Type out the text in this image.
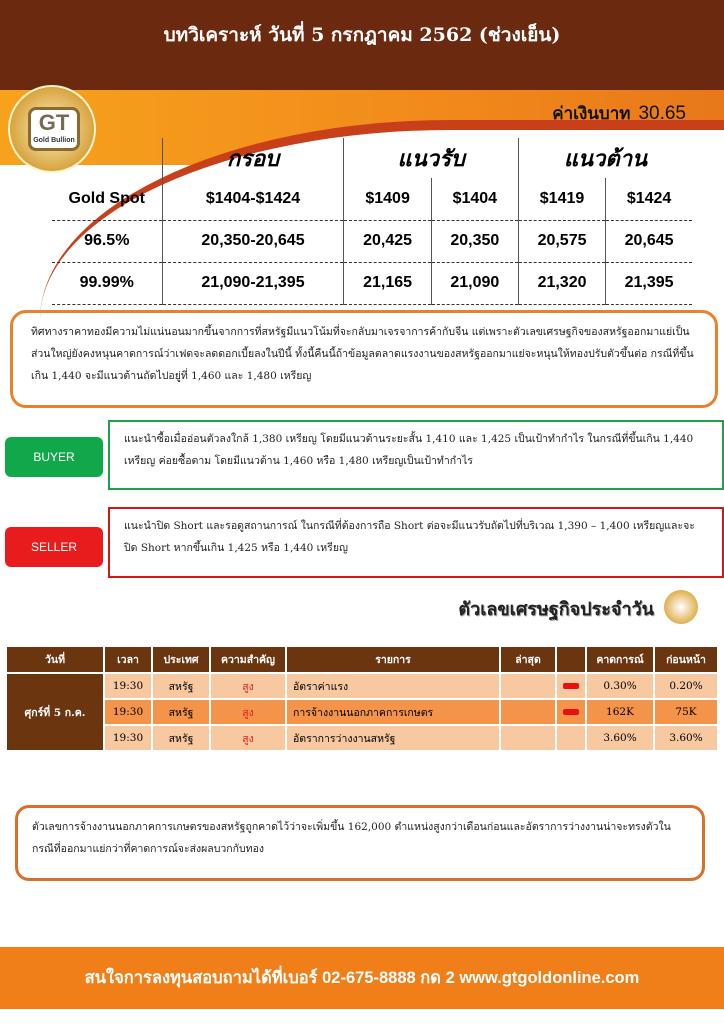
บทวิเคราะห์ วันที่ 5 กรกฎาคม 2562 (ช่วงเย็น)
GT
Gold Bullion
ค่าเงินบาท 30.65
	กรอบ	แนวรับ		แนวต้าน	
Gold Spot	$1404-$1424	$1409	$1404	$1419	$1424
96.5%	20,350-20,645	20,425	20,350	20,575	20,645
99.99%	21,090-21,395	21,165	21,090	21,320	21,395
ทิศทางราคาทองมีความไม่แน่นอนมากขึ้นจากการที่สหรัฐมีแนวโน้มที่จะกลับมาเจรจาการค้ากับจีน แต่เพราะตัวเลขเศรษฐกิจของสหรัฐออกมาแย่เป็นส่วนใหญ่ยังคงหนุนคาดการณ์ว่าเฟดจะลดดอกเบี้ยลงในปีนี้ ทั้งนี้คืนนี้ถ้าข้อมูลตลาดแรงงานของสหรัฐออกมาแย่จะหนุนให้ทองปรับตัวขึ้นต่อ กรณีที่ขึ้นเกิน 1,440 จะมีแนวต้านถัดไปอยู่ที่ 1,460 และ 1,480 เหรียญ
BUYER
แนะนำซื้อเมื่ออ่อนตัวลงใกล้ 1,380 เหรียญ โดยมีแนวต้านระยะสั้น 1,410 และ 1,425 เป็นเป้าทำกำไร ในกรณีที่ขึ้นเกิน 1,440 เหรียญ ค่อยซื้อตาม โดยมีแนวต้าน 1,460 หรือ 1,480 เหรียญเป็นเป้าทำกำไร
SELLER
แนะนำปิด Short และรอดูสถานการณ์ ในกรณีที่ต้องการถือ Short ต่อจะมีแนวรับถัดไปที่บริเวณ 1,390 – 1,400 เหรียญและจะปิด Short หากขึ้นเกิน 1,425 หรือ 1,440 เหรียญ
ตัวเลขเศรษฐกิจประจำวัน
วันที่	เวลา	ประเทศ	ความสำคัญ	รายการ	ล่าสุด		คาดการณ์	ก่อนหน้า
ศุกร์ที่ 5 ก.ค.	19:30	สหรัฐ	สูง	อัตราค่าแรง			0.30%	0.20%
	19:30	สหรัฐ	สูง	การจ้างงานนอกภาคการเกษตร			162K	75K
	19:30	สหรัฐ	สูง	อัตราการว่างงานสหรัฐ			3.60%	3.60%
ตัวเลขการจ้างงานนอกภาคการเกษตรของสหรัฐถูกคาดไว้ว่าจะเพิ่มขึ้น 162,000 ตำแหน่งสูงกว่าเดือนก่อนและอัตราการว่างงานน่าจะทรงตัวในกรณีที่ออกมาแย่กว่าที่คาดการณ์จะส่งผลบวกกับทอง
สนใจการลงทุนสอบถามได้ที่เบอร์ 02-675-8888 กด 2 www.gtgoldonline.com
